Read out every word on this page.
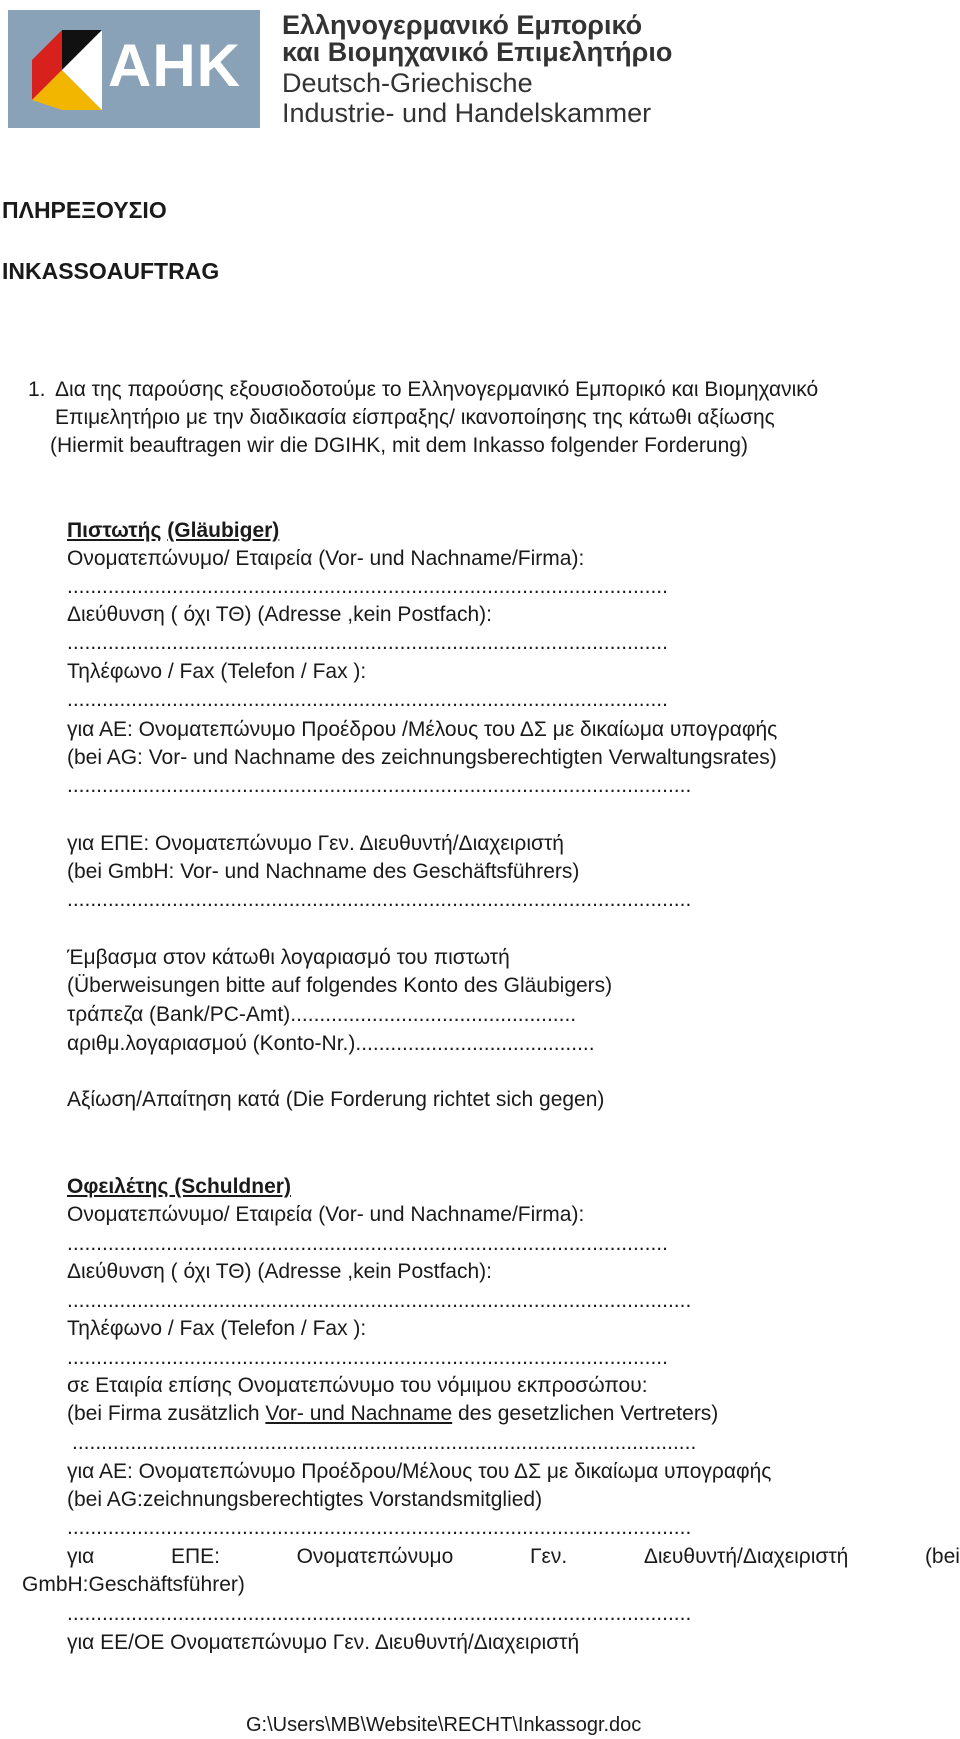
AHK
Ελληνογερμανικό Εμπορικό
και Βιομηχανικό Επιμελητήριο
Deutsch-Griechische
Industrie- und Handelskammer
ΠΛΗΡΕΞΟΥΣΙΟ
INKASSOAUFTRAG
1. Δια της παρούσης εξουσιοδοτούμε το Ελληνογερμανικό Εμπορικό και Βιομηχανικό
Επιμελητήριο με την διαδικασία είσπραξης/ ικανοποίησης της κάτωθι αξίωσης
(Hiermit beauftragen wir die DGIHK, mit dem Inkasso folgender Forderung)
Πιστωτής (Gläubiger)
Ονοματεπώνυμο/ Εταιρεία (Vor- und Nachname/Firma):
.......................................................................................................
Διεύθυνση ( όχι ΤΘ) (Adresse ,kein Postfach):
.......................................................................................................
Τηλέφωνο / Fax (Telefon / Fax ):
.......................................................................................................
για ΑΕ: Ονοματεπώνυμο Προέδρου /Μέλους του ΔΣ με δικαίωμα υπογραφής
(bei AG: Vor- und Nachname des zeichnungsberechtigten Verwaltungsrates)
...........................................................................................................
για ΕΠΕ: Ονοματεπώνυμο Γεν. Διευθυντή/Διαχειριστή
(bei GmbH: Vor- und Nachname des Geschäftsführers)
...........................................................................................................
Έμβασμα στον κάτωθι λογαριασμό του πιστωτή
(Überweisungen bitte auf folgendes Konto des Gläubigers)
τράπεζα (Bank/PC-Amt).................................................
αριθμ.λογαριασμού (Konto-Nr.).........................................
Αξίωση/Απαίτηση κατά (Die Forderung richtet sich gegen)
Οφειλέτης (Schuldner)
Ονοματεπώνυμο/ Εταιρεία (Vor- und Nachname/Firma):
.......................................................................................................
Διεύθυνση ( όχι ΤΘ) (Adresse ,kein Postfach):
...........................................................................................................
Τηλέφωνο / Fax (Telefon / Fax ):
.......................................................................................................
σε Εταιρία επίσης Ονοματεπώνυμο του νόμιμου εκπροσώπου:
(bei Firma zusätzlich Vor- und Nachname des gesetzlichen Vertreters)
...........................................................................................................
για ΑΕ: Ονοματεπώνυμο Προέδρου/Μέλους του ΔΣ με δικαίωμα υπογραφής
(bei AG:zeichnungsberechtigtes Vorstandsmitglied)
...........................................................................................................
για	ΕΠΕ:	Ονοματεπώνυμο	Γεν.	Διευθυντή/Διαχειριστή	(bei
GmbH:Geschäftsführer)
...........................................................................................................
για ΕΕ/ΟΕ Ονοματεπώνυμο Γεν. Διευθυντή/Διαχειριστή
G:\Users\MB\Website\RECHT\Inkassogr.doc
